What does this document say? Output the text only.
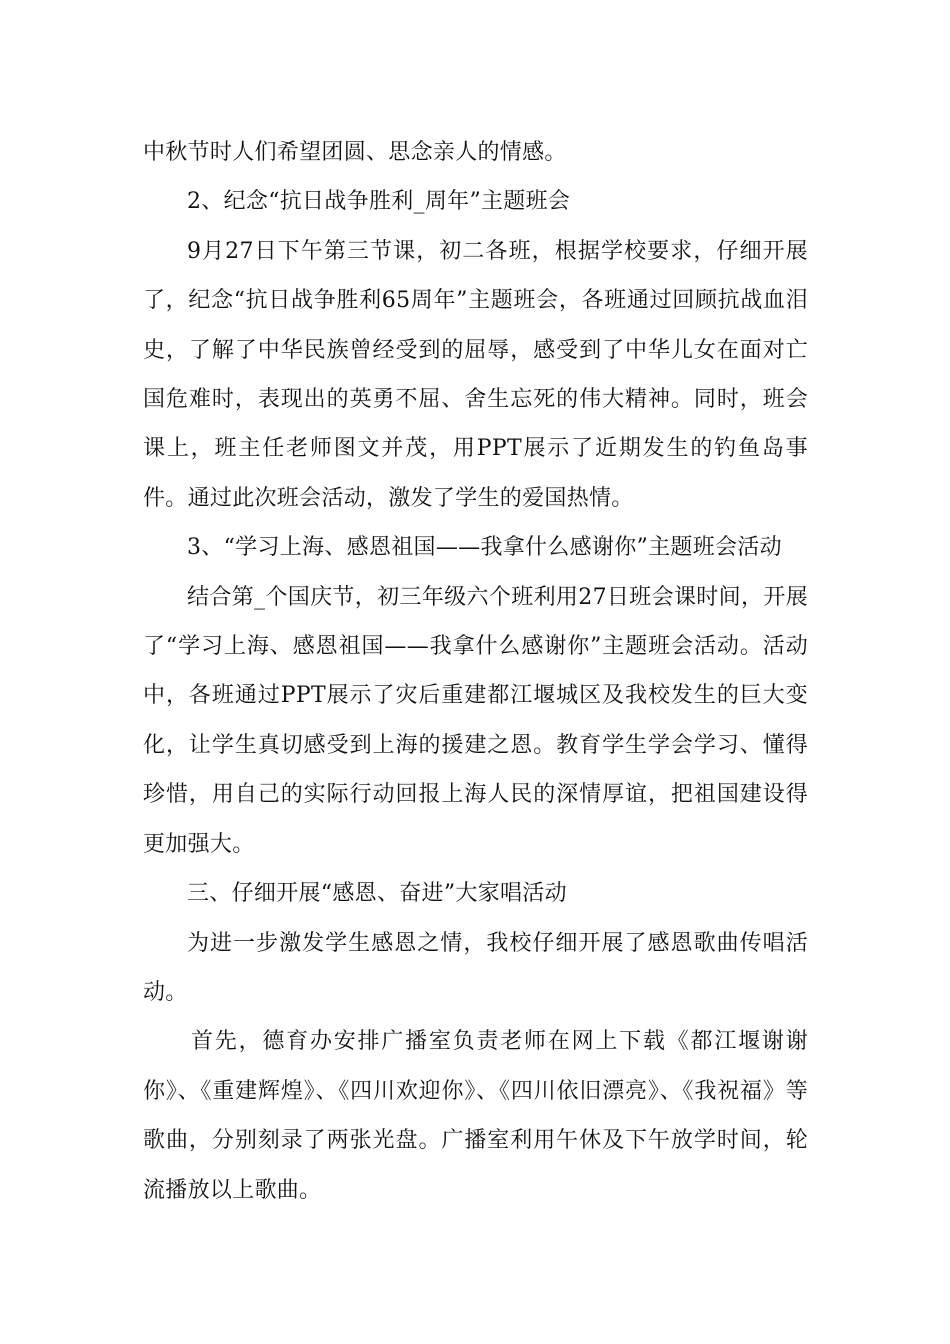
中秋节时人们希望团圆、思念亲人的情感。

2、纪念“抗日战争胜利_周年”主题班会

9月27日下午第三节课，初二各班，根据学校要求，仔细开展了，纪念“抗日战争胜利65周年”主题班会，各班通过回顾抗战血泪史，了解了中华民族曾经受到的屈辱，感受到了中华儿女在面对亡国危难时，表现出的英勇不屈、舍生忘死的伟大精神。同时，班会课上，班主任老师图文并茂，用PPT展示了近期发生的钓鱼岛事件。通过此次班会活动，激发了学生的爱国热情。

3、“学习上海、感恩祖国——我拿什么感谢你”主题班会活动

结合第_个国庆节，初三年级六个班利用27日班会课时间，开展了“学习上海、感恩祖国——我拿什么感谢你”主题班会活动。活动中，各班通过PPT展示了灾后重建都江堰城区及我校发生的巨大变化，让学生真切感受到上海的援建之恩。教育学生学会学习、懂得珍惜，用自己的实际行动回报上海人民的深情厚谊，把祖国建设得更加强大。

三、仔细开展“感恩、奋进”大家唱活动

为进一步激发学生感恩之情，我校仔细开展了感恩歌曲传唱活动。

首先，德育办安排广播室负责老师在网上下载《都江堰谢谢你》、《重建辉煌》、《四川欢迎你》、《四川依旧漂亮》、《我祝福》等歌曲，分别刻录了两张光盘。广播室利用午休及下午放学时间，轮流播放以上歌曲。
